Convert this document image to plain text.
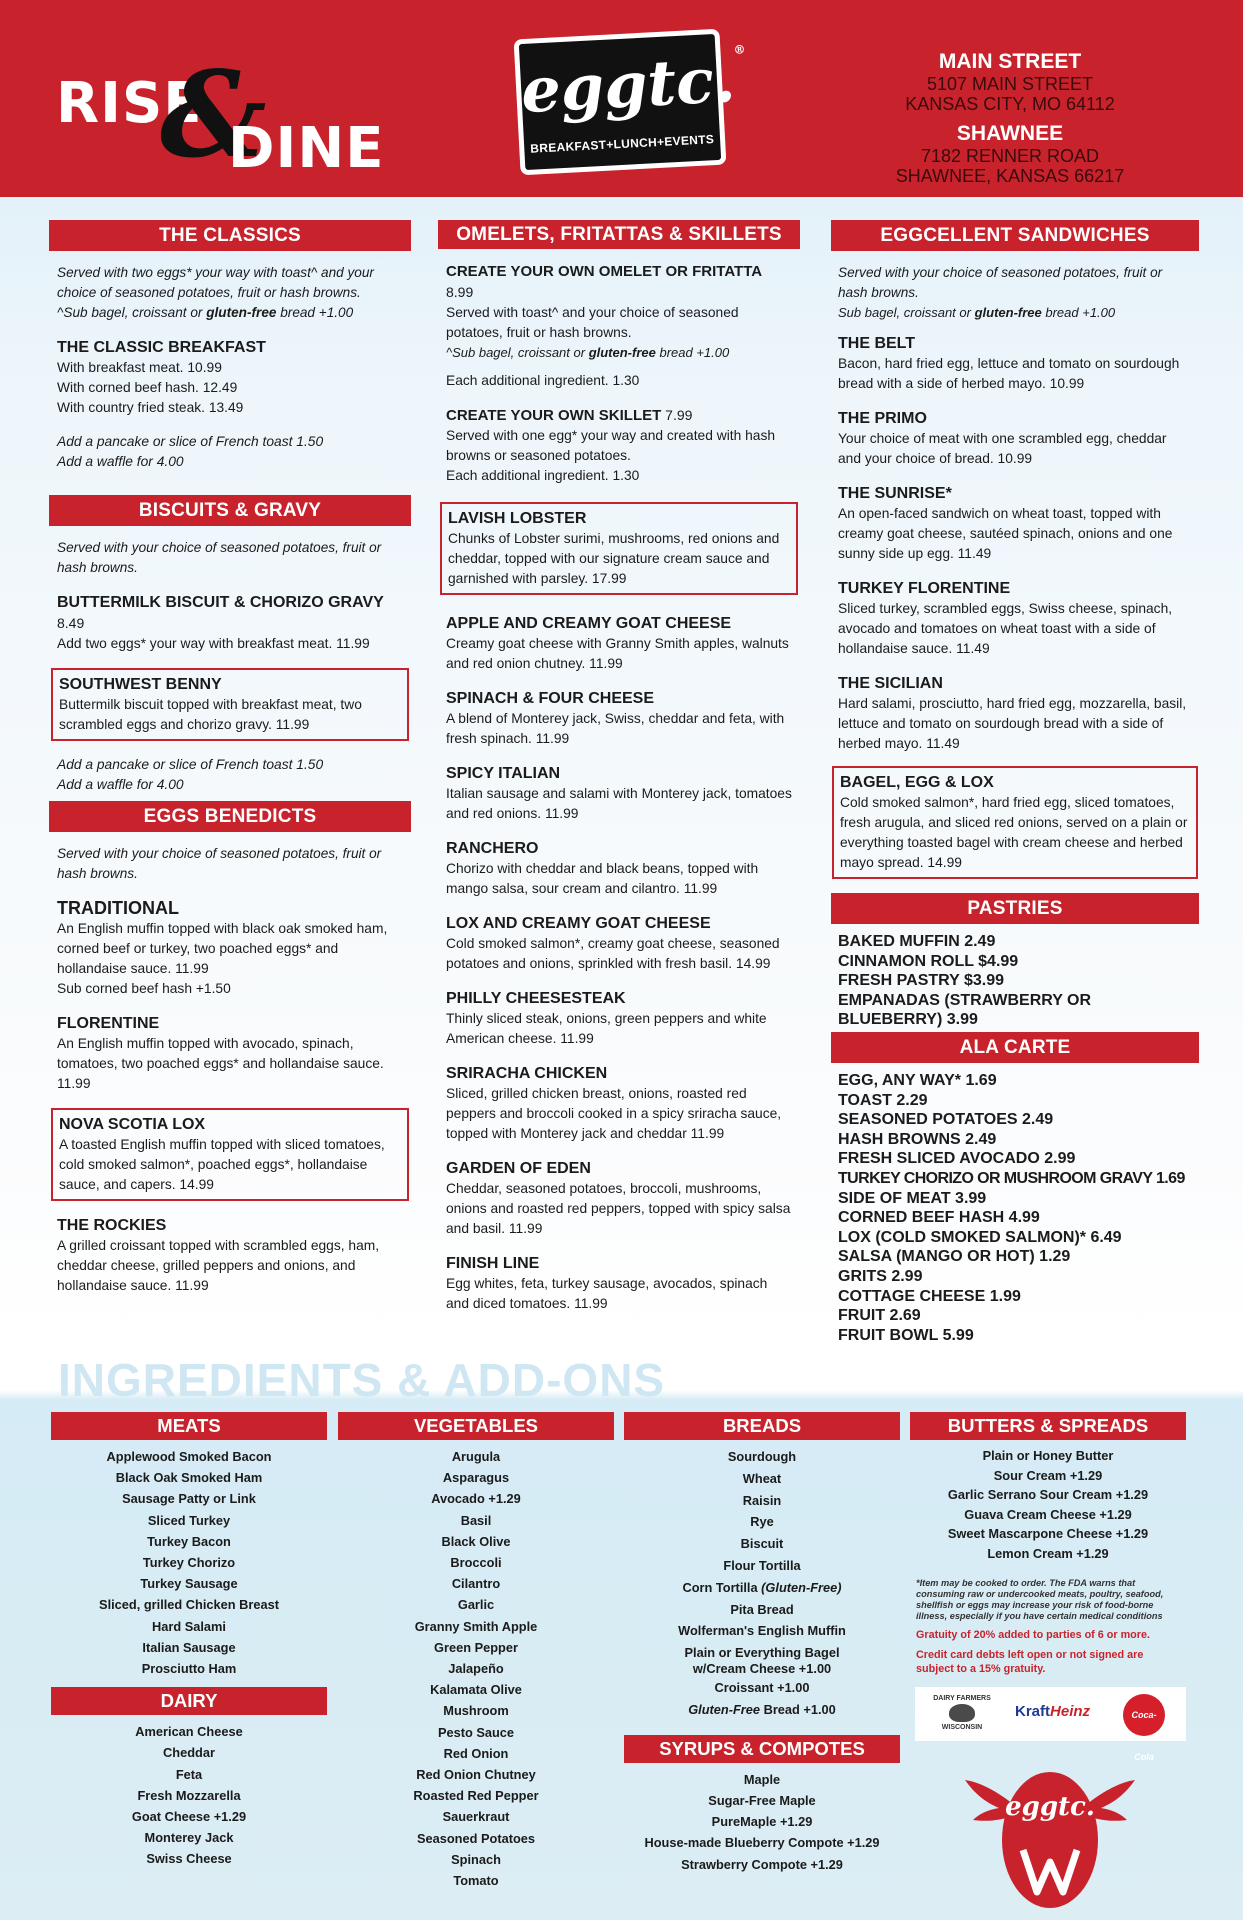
RISE
&
DINE
eggtc.®
BREAKFAST+LUNCH+EVENTS
MAIN STREET
5107 MAIN STREET
KANSAS CITY, MO 64112
SHAWNEE
7182 RENNER ROAD
SHAWNEE, KANSAS 66217
THE CLASSICS
Served with two eggs* your way with toast^ and your choice of seasoned potatoes, fruit or hash browns.
^Sub bagel, croissant or gluten-free bread +1.00
THE CLASSIC BREAKFAST
With breakfast meat. 10.99
With corned beef hash. 12.49
With country fried steak. 13.49
Add a pancake or slice of French toast 1.50
Add a waffle for 4.00
BISCUITS & GRAVY
Served with your choice of seasoned potatoes, fruit or hash browns.
BUTTERMILK BISCUIT & CHORIZO GRAVY 8.49
Add two eggs* your way with breakfast meat. 11.99
SOUTHWEST BENNY
Buttermilk biscuit topped with breakfast meat, two scrambled eggs and chorizo gravy. 11.99
Add a pancake or slice of French toast 1.50
Add a waffle for 4.00
EGGS BENEDICTS
Served with your choice of seasoned potatoes, fruit or hash browns.
TRADITIONAL
An English muffin topped with black oak smoked ham, corned beef or turkey, two poached eggs* and hollandaise sauce. 11.99
Sub corned beef hash +1.50
FLORENTINE
An English muffin topped with avocado, spinach, tomatoes, two poached eggs* and hollandaise sauce. 11.99
NOVA SCOTIA LOX
A toasted English muffin topped with sliced tomatoes, cold smoked salmon*, poached eggs*, hollandaise sauce, and capers. 14.99
THE ROCKIES
A grilled croissant topped with scrambled eggs, ham, cheddar cheese, grilled peppers and onions, and hollandaise sauce. 11.99
OMELETS, FRITATTAS & SKILLETS
CREATE YOUR OWN OMELET OR FRITATTA 8.99
Served with toast^ and your choice of seasoned potatoes, fruit or hash browns.
^Sub bagel, croissant or gluten-free bread +1.00
Each additional ingredient. 1.30
CREATE YOUR OWN SKILLET 7.99
Served with one egg* your way and created with hash browns or seasoned potatoes.
Each additional ingredient. 1.30
LAVISH LOBSTER
Chunks of Lobster surimi, mushrooms, red onions and cheddar, topped with our signature cream sauce and garnished with parsley. 17.99
APPLE AND CREAMY GOAT CHEESE
Creamy goat cheese with Granny Smith apples, walnuts and red onion chutney. 11.99
SPINACH & FOUR CHEESE
A blend of Monterey jack, Swiss, cheddar and feta, with fresh spinach. 11.99
SPICY ITALIAN
Italian sausage and salami with Monterey jack, tomatoes and red onions. 11.99
RANCHERO
Chorizo with cheddar and black beans, topped with mango salsa, sour cream and cilantro. 11.99
LOX AND CREAMY GOAT CHEESE
Cold smoked salmon*, creamy goat cheese, seasoned potatoes and onions, sprinkled with fresh basil. 14.99
PHILLY CHEESESTEAK
Thinly sliced steak, onions, green peppers and white American cheese. 11.99
SRIRACHA CHICKEN
Sliced, grilled chicken breast, onions, roasted red peppers and broccoli cooked in a spicy sriracha sauce, topped with Monterey jack and cheddar 11.99
GARDEN OF EDEN
Cheddar, seasoned potatoes, broccoli, mushrooms, onions and roasted red peppers, topped with spicy salsa and basil. 11.99
FINISH LINE
Egg whites, feta, turkey sausage, avocados, spinach and diced tomatoes. 11.99
EGGCELLENT SANDWICHES
Served with your choice of seasoned potatoes, fruit or hash browns.
Sub bagel, croissant or gluten-free bread +1.00
THE BELT
Bacon, hard fried egg, lettuce and tomato on sourdough bread with a side of herbed mayo. 10.99
THE PRIMO
Your choice of meat with one scrambled egg, cheddar and your choice of bread. 10.99
THE SUNRISE*
An open-faced sandwich on wheat toast, topped with creamy goat cheese, sautéed spinach, onions and one sunny side up egg. 11.49
TURKEY FLORENTINE
Sliced turkey, scrambled eggs, Swiss cheese, spinach, avocado and tomatoes on wheat toast with a side of hollandaise sauce. 11.49
THE SICILIAN
Hard salami, prosciutto, hard fried egg, mozzarella, basil, lettuce and tomato on sourdough bread with a side of herbed mayo. 11.49
BAGEL, EGG & LOX
Cold smoked salmon*, hard fried egg, sliced tomatoes, fresh arugula, and sliced red onions, served on a plain or everything toasted bagel with cream cheese and herbed mayo spread. 14.99
PASTRIES
BAKED MUFFIN 2.49
CINNAMON ROLL $4.99
FRESH PASTRY $3.99
EMPANADAS (STRAWBERRY OR BLUEBERRY) 3.99
ALA CARTE
EGG, ANY WAY* 1.69
TOAST 2.29
SEASONED POTATOES 2.49
HASH BROWNS 2.49
FRESH SLICED AVOCADO 2.99
TURKEY CHORIZO OR MUSHROOM GRAVY 1.69
SIDE OF MEAT 3.99
CORNED BEEF HASH 4.99
LOX (COLD SMOKED SALMON)* 6.49
SALSA (MANGO OR HOT) 1.29
GRITS 2.99
COTTAGE CHEESE 1.99
FRUIT 2.69
FRUIT BOWL 5.99
INGREDIENTS & ADD-ONS
MEATS
Applewood Smoked Bacon
Black Oak Smoked Ham
Sausage Patty or Link
Sliced Turkey
Turkey Bacon
Turkey Chorizo
Turkey Sausage
Sliced, grilled Chicken Breast
Hard Salami
Italian Sausage
Prosciutto Ham
DAIRY
American Cheese
Cheddar
Feta
Fresh Mozzarella
Goat Cheese +1.29
Monterey Jack
Swiss Cheese
VEGETABLES
Arugula
Asparagus
Avocado +1.29
Basil
Black Olive
Broccoli
Cilantro
Garlic
Granny Smith Apple
Green Pepper
Jalapeño
Kalamata Olive
Mushroom
Pesto Sauce
Red Onion
Red Onion Chutney
Roasted Red Pepper
Sauerkraut
Seasoned Potatoes
Spinach
Tomato
BREADS
Sourdough
Wheat
Raisin
Rye
Biscuit
Flour Tortilla
Corn Tortilla (Gluten-Free)
Pita Bread
Wolferman's English Muffin
Plain or Everything Bagel
w/Cream Cheese +1.00
Croissant +1.00
Gluten-Free Bread +1.00
SYRUPS & COMPOTES
Maple
Sugar-Free Maple
PureMaple +1.29
House-made Blueberry Compote +1.29
Strawberry Compote +1.29
BUTTERS & SPREADS
Plain or Honey Butter
Sour Cream +1.29
Garlic Serrano Sour Cream +1.29
Guava Cream Cheese +1.29
Sweet Mascarpone Cheese +1.29
Lemon Cream +1.29
*Item may be cooked to order. The FDA warns that consuming raw or undercooked meats, poultry, seafood, shellfish or eggs may increase your risk of food-borne illness, especially if you have certain medical conditions
Gratuity of 20% added to parties of 6 or more.
Credit card debts left open or not signed are subject to a 15% gratuity.
DAIRY FARMERS
WISCONSIN
KraftHeinz	Coca-Cola
eggtc.
